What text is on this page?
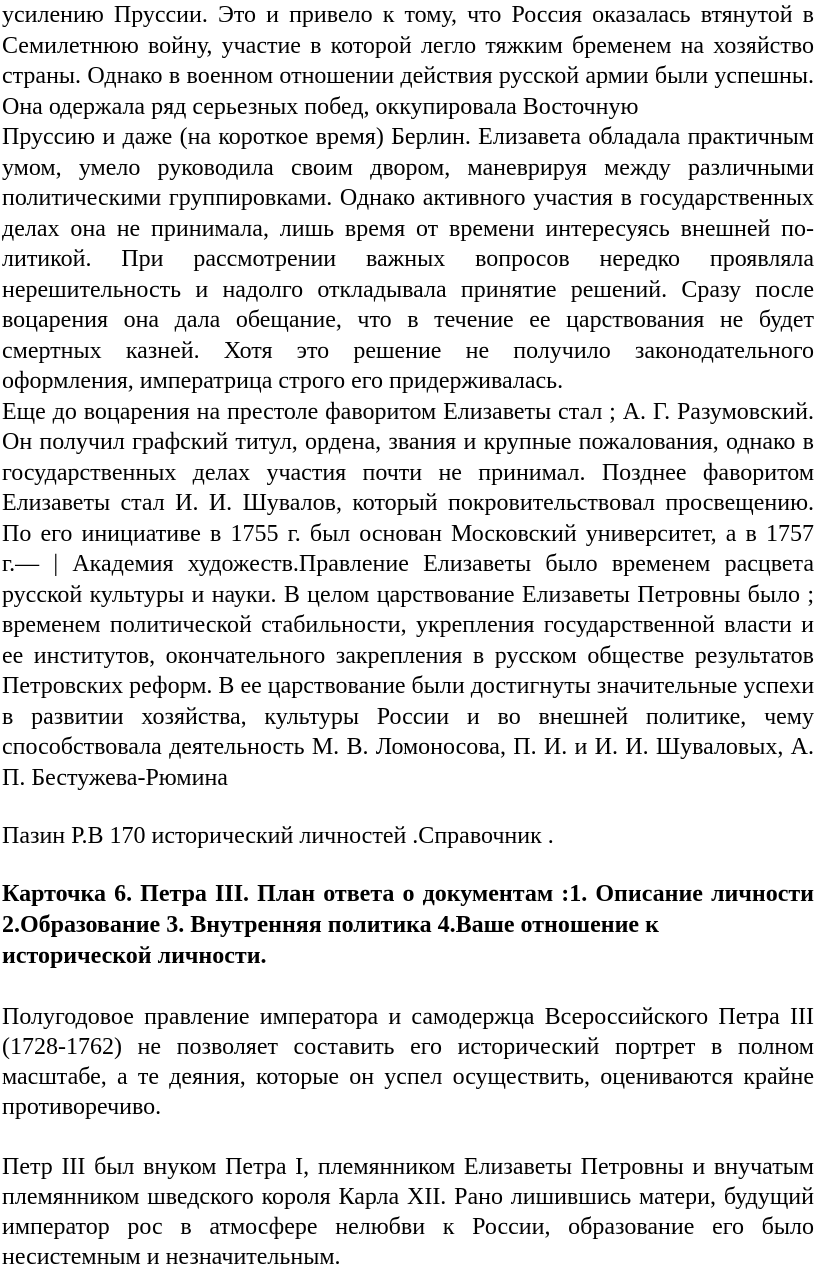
усилению Пруссии. Это и привело к тому, что Россия оказалась втянутой в
Семилетнюю войну, участие в которой легло тяжким бременем на хозяйство
страны. Однако в военном отношении действия русской армии были успешны.
Она одержала ряд серьезных побед, оккупировала Восточную
Пруссию и даже (на короткое время) Берлин. Елизавета обладала практичным
умом, умело руководила своим двором, маневрируя между различными
политическими группировками. Однако активного участия в государственных
делах она не принимала, лишь время от времени интересуясь внешней по-
литикой. При рассмотрении важных вопросов нередко проявляла
нерешительность и надолго откладывала принятие решений. Сразу после
воцарения она дала обещание, что в течение ее царствования не будет
смертных казней. Хотя это решение не получило законодательного
оформления, императрица строго его придерживалась.
Еще до воцарения на престоле фаворитом Елизаветы стал ; А. Г. Разумовский.
Он получил графский титул, ордена, звания и крупные пожалования, однако в
государственных делах участия почти не принимал. Позднее фаворитом
Елизаветы стал И. И. Шувалов, который покровительствовал просвещению.
По его инициативе в 1755 г. был основан Московский университет, а в 1757
г.— | Академия художеств.Правление Елизаветы было временем расцвета
русской культуры и науки. В целом царствование Елизаветы Петровны было ;
временем политической стабильности, укрепления государственной власти и
ее институтов, окончательного закрепления в русском обществе результатов
Петровских реформ. В ее царствование были достигнуты значительные успехи
в развитии хозяйства, культуры России и во внешней политике, чему
способствовала деятельность М. В. Ломоносова, П. И. и И. И. Шуваловых, А.
П. Бестужева-Рюмина
Пазин Р.В 170 исторический личностей .Справочник .
Карточка 6. Петра III. План ответа о документам :1. Описание личности
2.Образование 3. Внутренняя политика 4.Ваше отношение к
исторической личности.
Полугодовое правление императора и самодержца Всероссийского Петра III
(1728-1762) не позволяет составить его исторический портрет в полном
масштабе, а те деяния, которые он успел осуществить, оцениваются крайне
противоречиво.
Петр III был внуком Петра I, племянником Елизаветы Петровны и внучатым
племянником шведского короля Карла XII. Рано лишившись матери, будущий
император рос в атмосфере нелюбви к России, образование его было
несистемным и незначительным.
